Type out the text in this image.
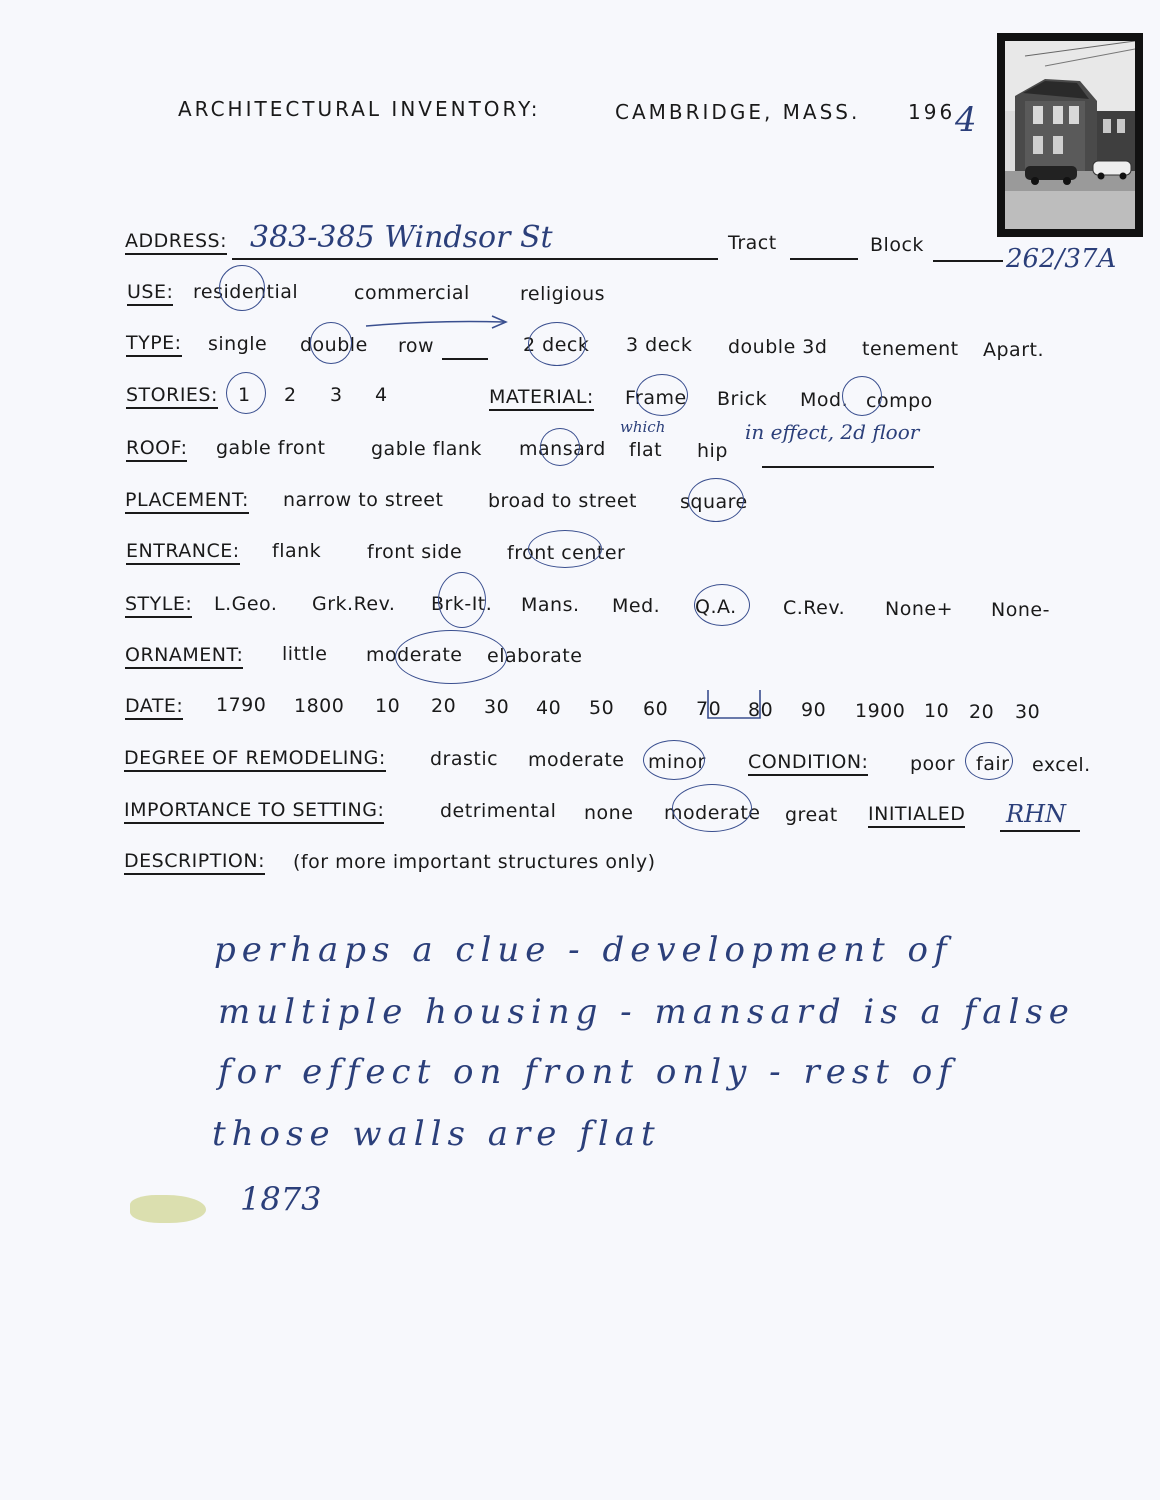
ARCHITECTURAL INVENTORY:	CAMBRIDGE, MASS. 196 4
ADDRESS: 383-385 Windsor St	Tract	Block	262/37A
USE: residential	commercial	religious
TYPE: single double row	2 deck 3 deck double 3d tenement Apart.
STORIES: 1 2 3 4	MATERIAL: Frame Brick Mod. compo
ROOF: gable front gable flank mansard
which
flat hip
in effect, 2d floor
PLACEMENT: narrow to street broad to street square
ENTRANCE: flank front side front center
STYLE: L.Geo. Grk.Rev. Brk-It. Mans. Med. Q.A. C.Rev. None+ None-
ORNAMENT: little moderate elaborate
DATE: 1790 1800 10 20 30 40 50 60 70 80 90 1900 10 20 30
DEGREE OF REMODELING: drastic moderate minor CONDITION: poor fair excel.
IMPORTANCE TO SETTING:	detrimental none moderate great INITIALED RHN
DESCRIPTION: (for more important structures only)
perhaps a clue - development of
multiple housing - mansard is a false
for effect on front only - rest of
those walls are flat
1873
